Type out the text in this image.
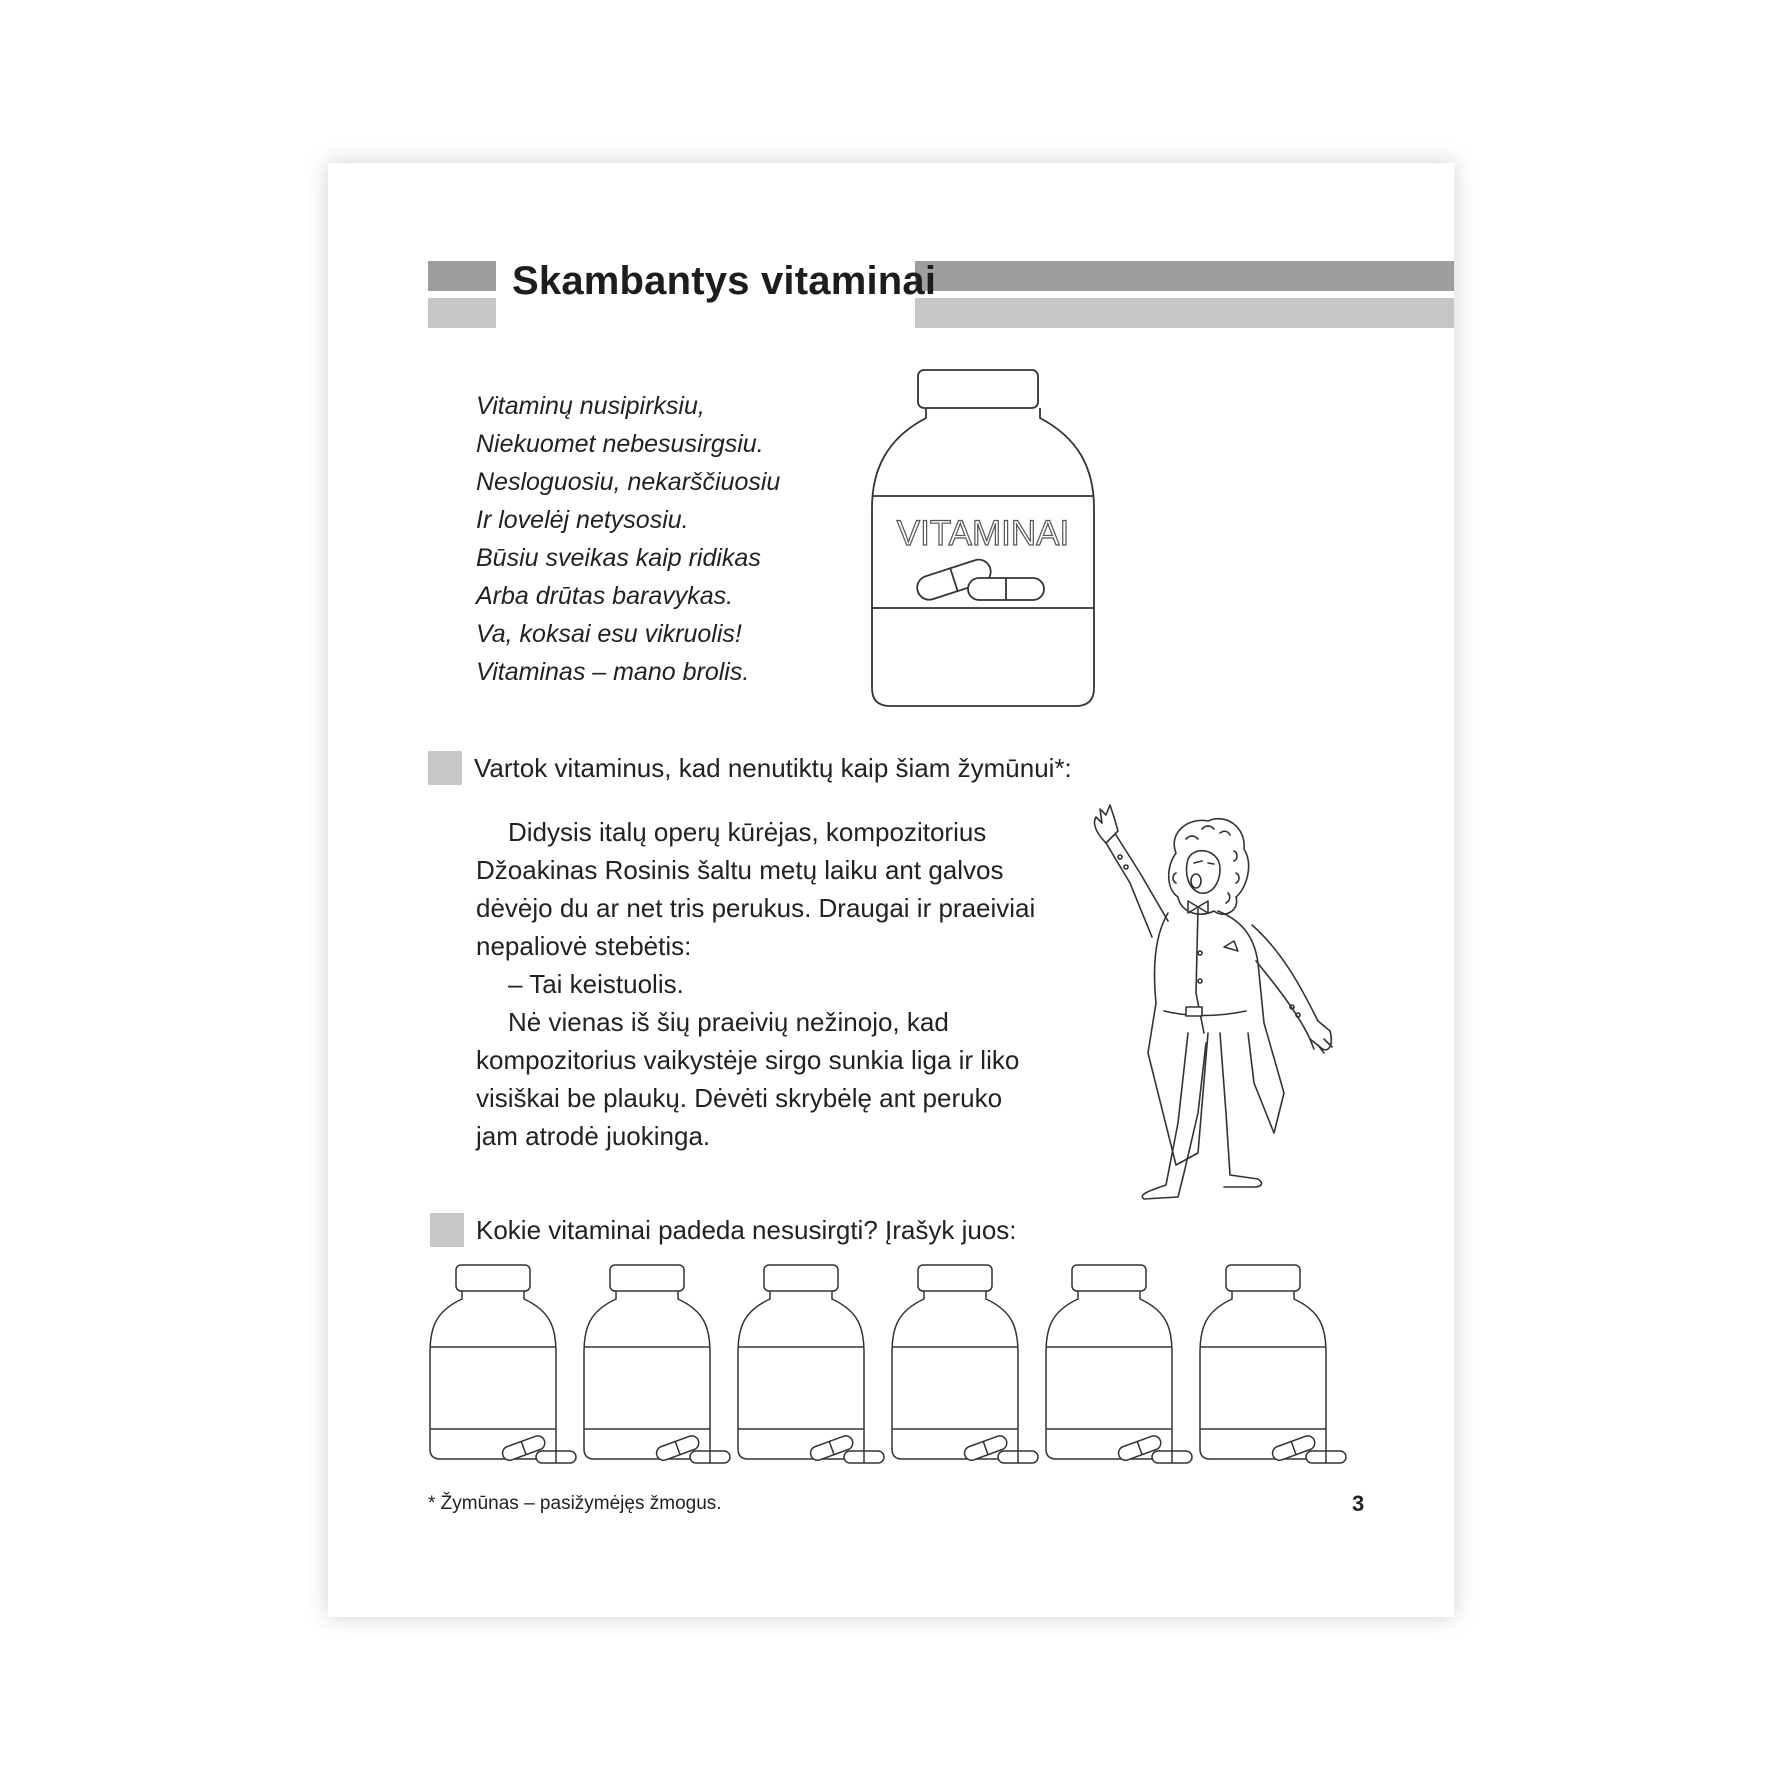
Skambantys vitaminai
Vitaminų nusipirksiu,
Niekuomet nebesusirgsiu.
Nesloguosiu, nekarščiuosiu
Ir lovelėj netysosiu.
Būsiu sveikas kaip ridikas
Arba drūtas baravykas.
Va, koksai esu vikruolis!
Vitaminas – mano brolis.
VITAMINAI
Vartok vitaminus, kad nenutiktų kaip šiam žymūnui*:

Didysis italų operų kūrėjas, kompozitorius Džoakinas Rosinis šaltu metų laiku ant galvos dėvėjo du ar net tris perukus. Draugai ir praeiviai nepaliovė stebėtis:

– Tai keistuolis.

Nė vienas iš šių praeivių nežinojo, kad kompozitorius vaikystėje sirgo sunkia liga ir liko visiškai be plaukų. Dėvėti skrybėlę ant peruko jam atrodė juokinga.

Kokie vitaminai padeda nesusirgti? Įrašyk juos:
* Žymūnas – pasižymėjęs žmogus.	3
